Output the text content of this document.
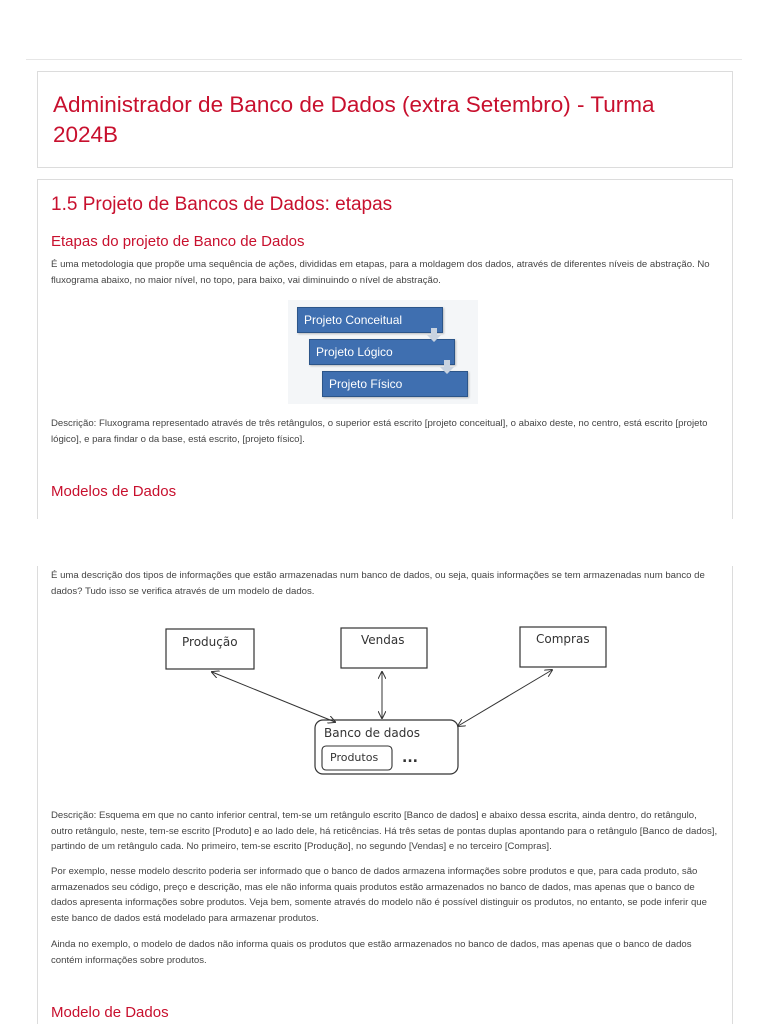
Administrador de Banco de Dados (extra Setembro) - Turma 2024B
1.5 Projeto de Bancos de Dados: etapas
Etapas do projeto de Banco de Dados
É uma metodologia que propõe uma sequência de ações, divididas em etapas, para a moldagem dos dados, através de diferentes níveis de abstração. No fluxograma abaixo, no maior nível, no topo, para baixo, vai diminuindo o nível de abstração.
Projeto Conceitual
Projeto Lógico
Projeto Físico
Descrição: Fluxograma representado através de três retângulos, o superior está escrito [projeto conceitual], o abaixo deste, no centro, está escrito [projeto lógico], e para findar o da base, está escrito, [projeto físico].
Modelos de Dados
É uma descrição dos tipos de informações que estão armazenadas num banco de dados, ou seja, quais informações se tem armazenadas num banco de dados? Tudo isso se verifica através de um modelo de dados.
Produção	Vendas	Compras
Banco de dados
Produtos ...
Descrição: Esquema em que no canto inferior central, tem-se um retângulo escrito [Banco de dados] e abaixo dessa escrita, ainda dentro, do retângulo, outro retângulo, neste, tem-se escrito [Produto] e ao lado dele, há reticências. Há três setas de pontas duplas apontando para o retângulo [Banco de dados], partindo de um retângulo cada. No primeiro, tem-se escrito [Produção], no segundo [Vendas] e no terceiro [Compras].
Por exemplo, nesse modelo descrito poderia ser informado que o banco de dados armazena informações sobre produtos e que, para cada produto, são armazenados seu código, preço e descrição, mas ele não informa quais produtos estão armazenados no banco de dados, mas apenas que o banco de dados apresenta informações sobre produtos. Veja bem, somente através do modelo não é possível distinguir os produtos, no entanto, se pode inferir que este banco de dados está modelado para armazenar produtos.
Ainda no exemplo, o modelo de dados não informa quais os produtos que estão armazenados no banco de dados, mas apenas que o banco de dados contém informações sobre produtos.
Modelo de Dados
